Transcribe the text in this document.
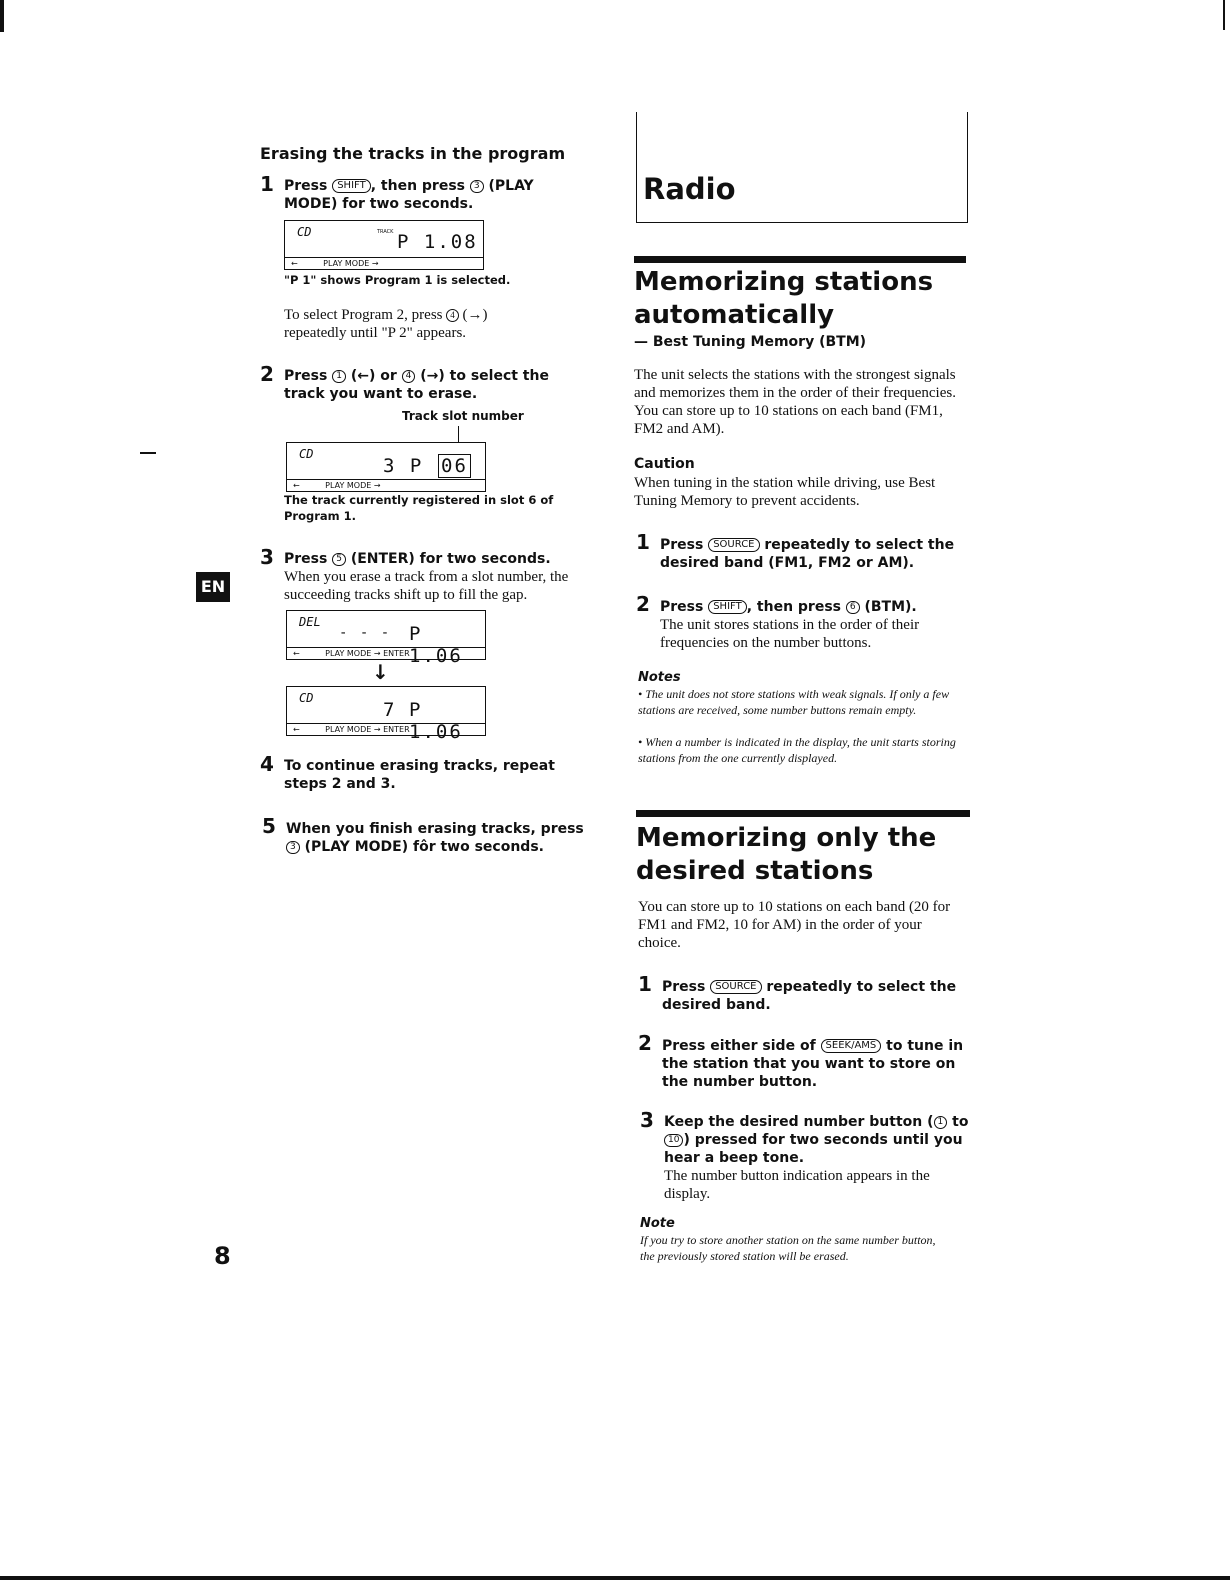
EN
8
Erasing the tracks in the program
1 Press SHIFT , then press 3 (PLAY MODE) for two seconds.
CD	TRACK P 1.08
←          PLAY MODE →
"P 1" shows Program 1 is selected.
To select Program 2, press 4 (→) repeatedly until "P 2" appears.
2 Press 1 (←) or 4 (→) to select the track you want to erase.
Track slot number
CD
3 P 06
←          PLAY MODE →
The track currently registered in slot 6 of Program 1.
3 Press 5 (ENTER) for two seconds.
When you erase a track from a slot number, the succeeding tracks shift up to fill the gap.
DEL
- - - P 1.06
←          PLAY MODE → ENTER
↓
CD
7 P 1.06
←          PLAY MODE → ENTER
4 To continue erasing tracks, repeat steps 2 and 3.
5 When you finish erasing tracks, press 3 (PLAY MODE) fôr two seconds.
Radio
Memorizing stations
automatically
— Best Tuning Memory (BTM)
The unit selects the stations with the strongest signals and memorizes them in the order of their frequencies. You can store up to 10 stations on each band (FM1, FM2 and AM).
Caution
When tuning in the station while driving, use Best Tuning Memory to prevent accidents.
1 Press SOURCE repeatedly to select the desired band (FM1, FM2 or AM).
2 Press SHIFT , then press 6 (BTM).
The unit stores stations in the order of their frequencies on the number buttons.
Notes
• The unit does not store stations with weak signals. If only a few stations are received, some number buttons remain empty.
• When a number is indicated in the display, the unit starts storing stations from the one currently displayed.
Memorizing only the
desired stations
You can store up to 10 stations on each band (20 for FM1 and FM2, 10 for AM) in the order of your choice.
1 Press SOURCE repeatedly to select the desired band.
2 Press either side of SEEK/AMS to tune in the station that you want to store on the number button.
3 Keep the desired number button ( 1 to 10 ) pressed for two seconds until you hear a beep tone.
The number button indication appears in the display.
Note
If you try to store another station on the same number button, the previously stored station will be erased.
